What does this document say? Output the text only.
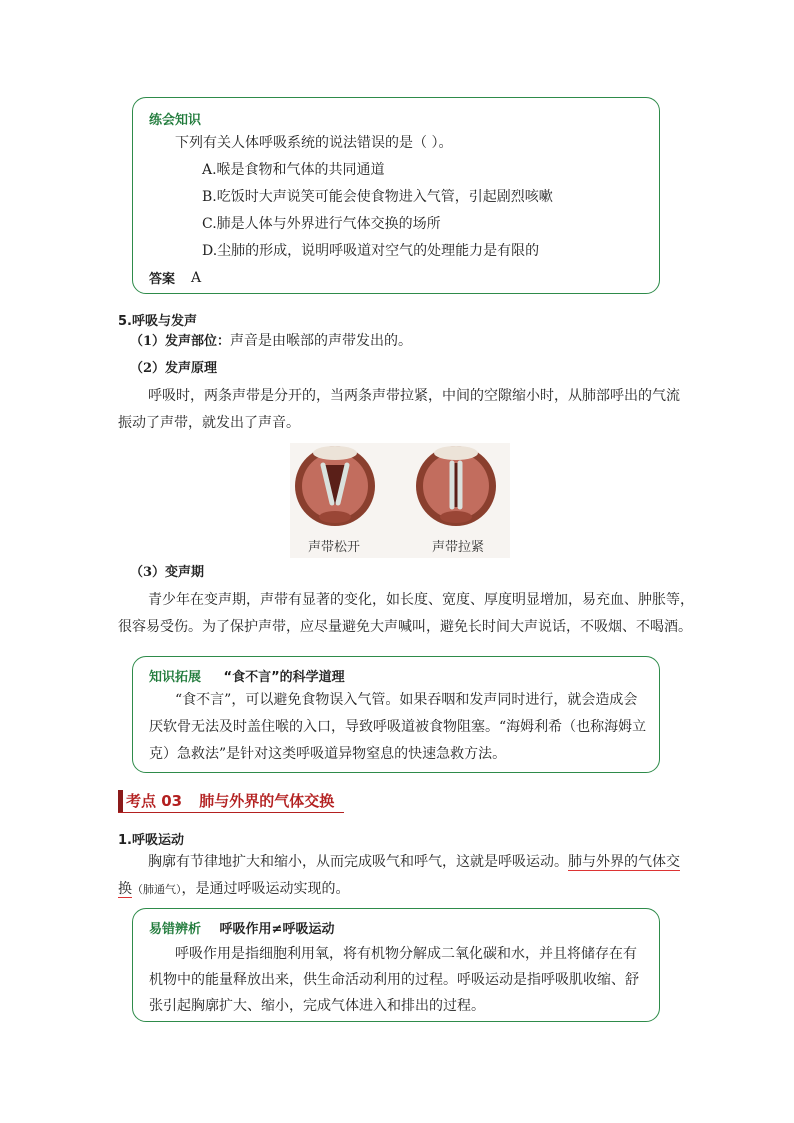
练会知识
下列有关人体呼吸系统的说法错误的是（ ）。
A.喉是食物和气体的共同通道
B.吃饭时大声说笑可能会使食物进入气管，引起剧烈咳嗽
C.肺是人体与外界进行气体交换的场所
D.尘肺的形成，说明呼吸道对空气的处理能力是有限的
答案 A
5.呼吸与发声
（1）发声部位：声音是由喉部的声带发出的。
（2）发声原理
呼吸时，两条声带是分开的，当两条声带拉紧，中间的空隙缩小时，从肺部呼出的气流
振动了声带，就发出了声音。
声带松开	声带拉紧
（3）变声期
青少年在变声期，声带有显著的变化，如长度、宽度、厚度明显增加，易充血、肿胀等，
很容易受伤。为了保护声带，应尽量避免大声喊叫，避免长时间大声说话，不吸烟、不喝酒。
知识拓展 “食不言”的科学道理
“食不言”，可以避免食物误入气管。如果吞咽和发声同时进行，就会造成会
厌软骨无法及时盖住喉的入口，导致呼吸道被食物阻塞。“海姆利希（也称海姆立
克）急救法”是针对这类呼吸道异物窒息的快速急救方法。
考点 03 肺与外界的气体交换
1.呼吸运动
胸廓有节律地扩大和缩小，从而完成吸气和呼气，这就是呼吸运动。肺与外界的气体交
换（肺通气），是通过呼吸运动实现的。
易错辨析 呼吸作用≠呼吸运动
呼吸作用是指细胞利用氧，将有机物分解成二氧化碳和水，并且将储存在有
机物中的能量释放出来，供生命活动利用的过程。呼吸运动是指呼吸肌收缩、舒
张引起胸廓扩大、缩小，完成气体进入和排出的过程。
